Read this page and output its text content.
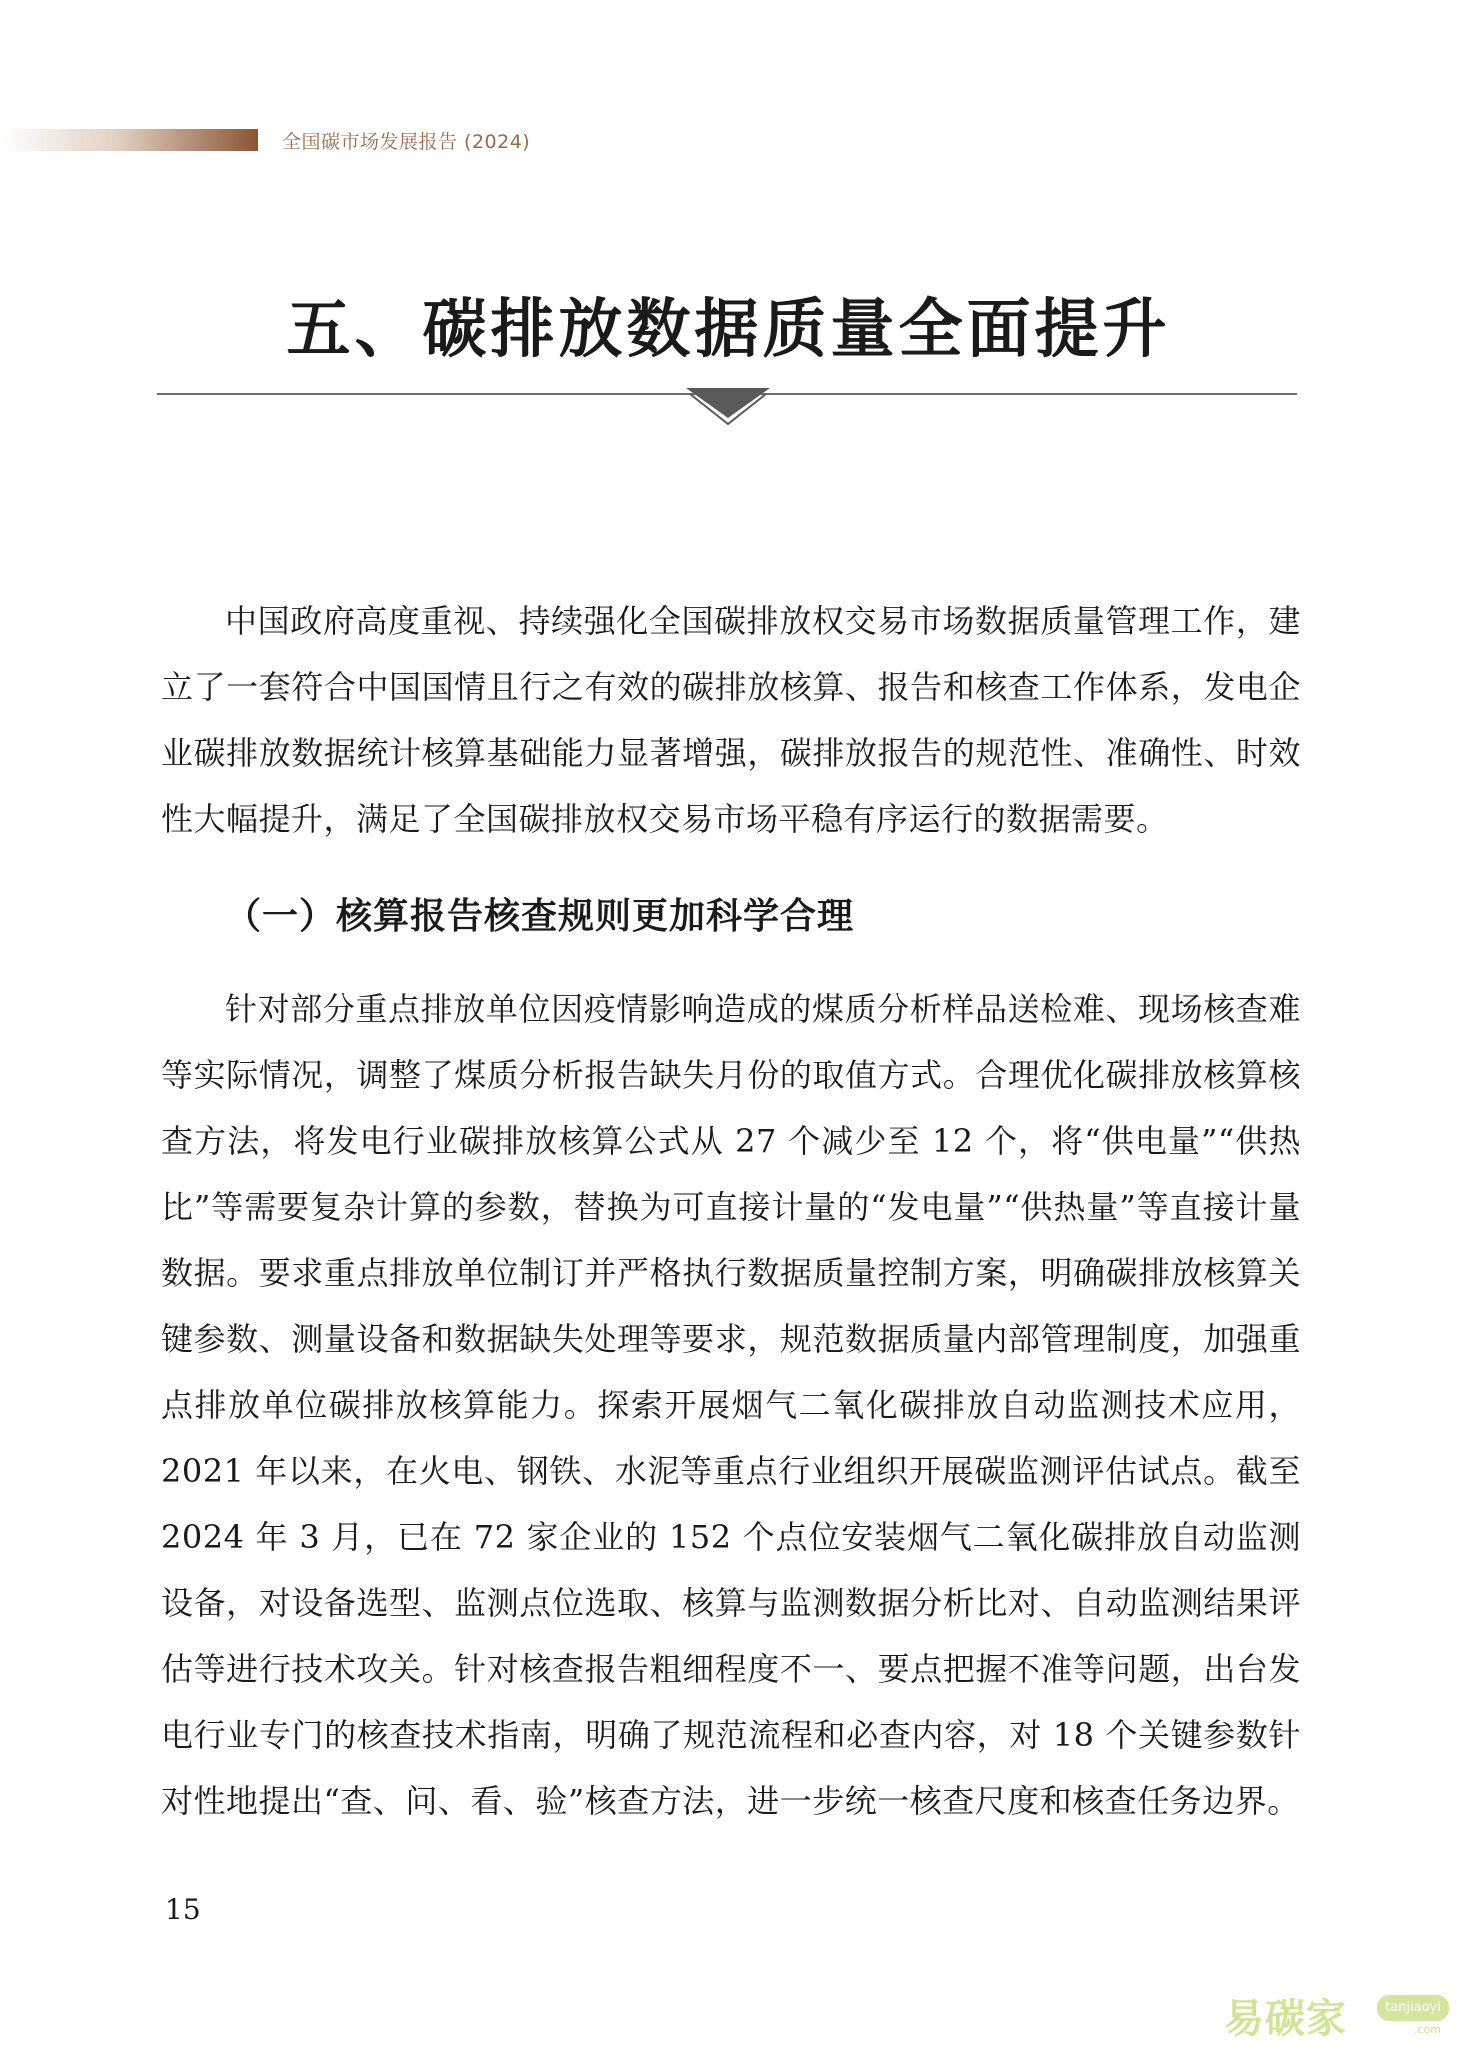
全国碳市场发展报告 (2024)
五、碳排放数据质量全面提升

中国政府高度重视、持续强化全国碳排放权交易市场数据质量管理工作，建立了一套符合中国国情且行之有效的碳排放核算、报告和核查工作体系，发电企业碳排放数据统计核算基础能力显著增强，碳排放报告的规范性、准确性、时效性大幅提升，满足了全国碳排放权交易市场平稳有序运行的数据需要。

（一）核算报告核查规则更加科学合理

针对部分重点排放单位因疫情影响造成的煤质分析样品送检难、现场核查难等实际情况，调整了煤质分析报告缺失月份的取值方式。合理优化碳排放核算核查方法，将发电行业碳排放核算公式从 27 个减少至 12 个，将“供电量”“供热比”等需要复杂计算的参数，替换为可直接计量的“发电量”“供热量”等直接计量数据。要求重点排放单位制订并严格执行数据质量控制方案，明确碳排放核算关键参数、测量设备和数据缺失处理等要求，规范数据质量内部管理制度，加强重点排放单位碳排放核算能力。探索开展烟气二氧化碳排放自动监测技术应用，2021 年以来，在火电、钢铁、水泥等重点行业组织开展碳监测评估试点。截至 2024 年 3 月，已在 72 家企业的 152 个点位安装烟气二氧化碳排放自动监测设备，对设备选型、监测点位选取、核算与监测数据分析比对、自动监测结果评估等进行技术攻关。针对核查报告粗细程度不一、要点把握不准等问题，出台发电行业专门的核查技术指南，明确了规范流程和必查内容，对 18 个关键参数针对性地提出“查、问、看、验”核查方法，进一步统一核查尺度和核查任务边界。

15
易碳家	tanjiaoyi
.com
